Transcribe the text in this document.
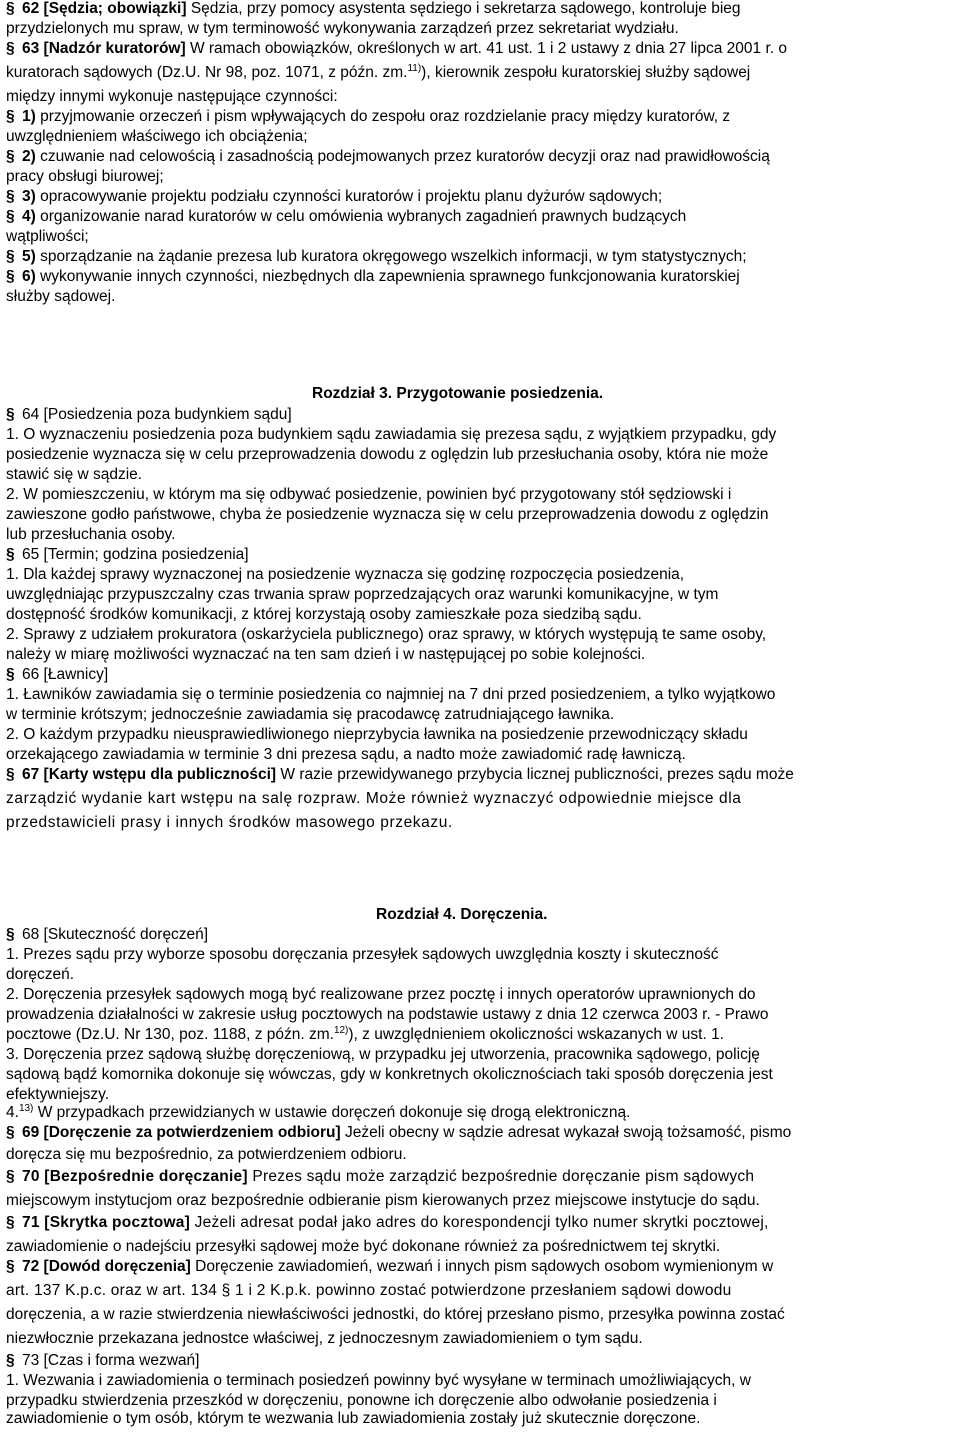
§ 62 [Sędzia; obowiązki] Sędzia, przy pomocy asystenta sędziego i sekretarza sądowego, kontroluje bieg
przydzielonych mu spraw, w tym terminowość wykonywania zarządzeń przez sekretariat wydziału.
§ 63 [Nadzór kuratorów] W ramach obowiązków, określonych w art. 41 ust. 1 i 2 ustawy z dnia 27 lipca 2001 r. o
kuratorach sądowych (Dz.U. Nr 98, poz. 1071, z późn. zm.$^{11)}$), kierownik zespołu kuratorskiej służby sądowej
między innymi wykonuje następujące czynności:
§ 1) przyjmowanie orzeczeń i pism wpływających do zespołu oraz rozdzielanie pracy między kuratorów, z
uwzględnieniem właściwego ich obciążenia;
§ 2) czuwanie nad celowością i zasadnością podejmowanych przez kuratorów decyzji oraz nad prawidłowością
pracy obsługi biurowej;
§ 3) opracowywanie projektu podziału czynności kuratorów i projektu planu dyżurów sądowych;
§ 4) organizowanie narad kuratorów w celu omówienia wybranych zagadnień prawnych budzących
wątpliwości;
§ 5) sporządzanie na żądanie prezesa lub kuratora okręgowego wszelkich informacji, w tym statystycznych;
§ 6) wykonywanie innych czynności, niezbędnych dla zapewnienia sprawnego funkcjonowania kuratorskiej
służby sądowej.
Rozdział 3. Przygotowanie posiedzenia.
§ 64 [Posiedzenia poza budynkiem sądu]
1. O wyznaczeniu posiedzenia poza budynkiem sądu zawiadamia się prezesa sądu, z wyjątkiem przypadku, gdy
posiedzenie wyznacza się w celu przeprowadzenia dowodu z oględzin lub przesłuchania osoby, która nie może
stawić się w sądzie.
2. W pomieszczeniu, w którym ma się odbywać posiedzenie, powinien być przygotowany stół sędziowski i
zawieszone godło państwowe, chyba że posiedzenie wyznacza się w celu przeprowadzenia dowodu z oględzin
lub przesłuchania osoby.
§ 65 [Termin; godzina posiedzenia]
1. Dla każdej sprawy wyznaczonej na posiedzenie wyznacza się godzinę rozpoczęcia posiedzenia,
uwzględniając przypuszczalny czas trwania spraw poprzedzających oraz warunki komunikacyjne, w tym
dostępność środków komunikacji, z której korzystają osoby zamieszkałe poza siedzibą sądu.
2. Sprawy z udziałem prokuratora (oskarżyciela publicznego) oraz sprawy, w których występują te same osoby,
należy w miarę możliwości wyznaczać na ten sam dzień i w następującej po sobie kolejności.
§ 66 [Ławnicy]
1. Ławników zawiadamia się o terminie posiedzenia co najmniej na 7 dni przed posiedzeniem, a tylko wyjątkowo
w terminie krótszym; jednocześnie zawiadamia się pracodawcę zatrudniającego ławnika.
2. O każdym przypadku nieusprawiedliwionego nieprzybycia ławnika na posiedzenie przewodniczący składu
orzekającego zawiadamia w terminie 3 dni prezesa sądu, a nadto może zawiadomić radę ławniczą.
§ 67 [Karty wstępu dla publiczności] W razie przewidywanego przybycia licznej publiczności, prezes sądu może
zarządzić wydanie kart wstępu na salę rozpraw. Może również wyznaczyć odpowiednie miejsce dla
przedstawicieli prasy i innych środków masowego przekazu.
Rozdział 4. Doręczenia.
§ 68 [Skuteczność doręczeń]
1. Prezes sądu przy wyborze sposobu doręczania przesyłek sądowych uwzględnia koszty i skuteczność
doręczeń.
2. Doręczenia przesyłek sądowych mogą być realizowane przez pocztę i innych operatorów uprawnionych do
prowadzenia działalności w zakresie usług pocztowych na podstawie ustawy z dnia 12 czerwca 2003 r. - Prawo
pocztowe (Dz.U. Nr 130, poz. 1188, z późn. zm.$^{12)}$), z uwzględnieniem okoliczności wskazanych w ust. 1.
3. Doręczenia przez sądową służbę doręczeniową, w przypadku jej utworzenia, pracownika sądowego, policję
sądową bądź komornika dokonuje się wówczas, gdy w konkretnych okolicznościach taki sposób doręczenia jest
efektywniejszy.
4.$^{13)}$ W przypadkach przewidzianych w ustawie doręczeń dokonuje się drogą elektroniczną.
§ 69 [Doręczenie za potwierdzeniem odbioru] Jeżeli obecny w sądzie adresat wykazał swoją tożsamość, pismo
doręcza się mu bezpośrednio, za potwierdzeniem odbioru.
§ 70 [Bezpośrednie doręczanie] Prezes sądu może zarządzić bezpośrednie doręczanie pism sądowych
miejscowym instytucjom oraz bezpośrednie odbieranie pism kierowanych przez miejscowe instytucje do sądu.
§ 71 [Skrytka pocztowa] Jeżeli adresat podał jako adres do korespondencji tylko numer skrytki pocztowej,
zawiadomienie o nadejściu przesyłki sądowej może być dokonane również za pośrednictwem tej skrytki.
§ 72 [Dowód doręczenia] Doręczenie zawiadomień, wezwań i innych pism sądowych osobom wymienionym w
art. 137 K.p.c. oraz w art. 134 § 1 i 2 K.p.k. powinno zostać potwierdzone przesłaniem sądowi dowodu
doręczenia, a w razie stwierdzenia niewłaściwości jednostki, do której przesłano pismo, przesyłka powinna zostać
niezwłocznie przekazana jednostce właściwej, z jednoczesnym zawiadomieniem o tym sądu.
§ 73 [Czas i forma wezwań]
1. Wezwania i zawiadomienia o terminach posiedzeń powinny być wysyłane w terminach umożliwiających, w
przypadku stwierdzenia przeszkód w doręczeniu, ponowne ich doręczenie albo odwołanie posiedzenia i
zawiadomienie o tym osób, którym te wezwania lub zawiadomienia zostały już skutecznie doręczone.
